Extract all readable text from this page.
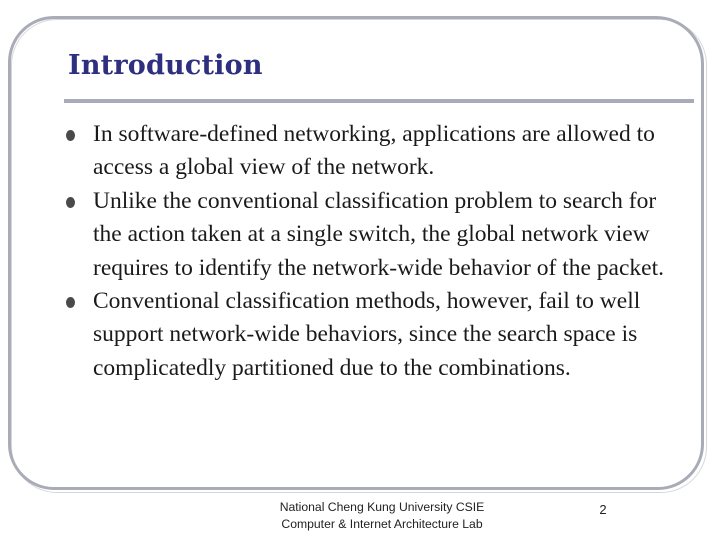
Introduction
In software-defined networking, applications are allowed to access a global view of the network.
Unlike the conventional classification problem to search for the action taken at a single switch, the global network view requires to identify the network-wide behavior of the packet.
Conventional classification methods, however, fail to well support network-wide behaviors, since the search space is complicatedly partitioned due to the combinations.
National Cheng Kung University CSIE
Computer & Internet Architecture Lab
2
